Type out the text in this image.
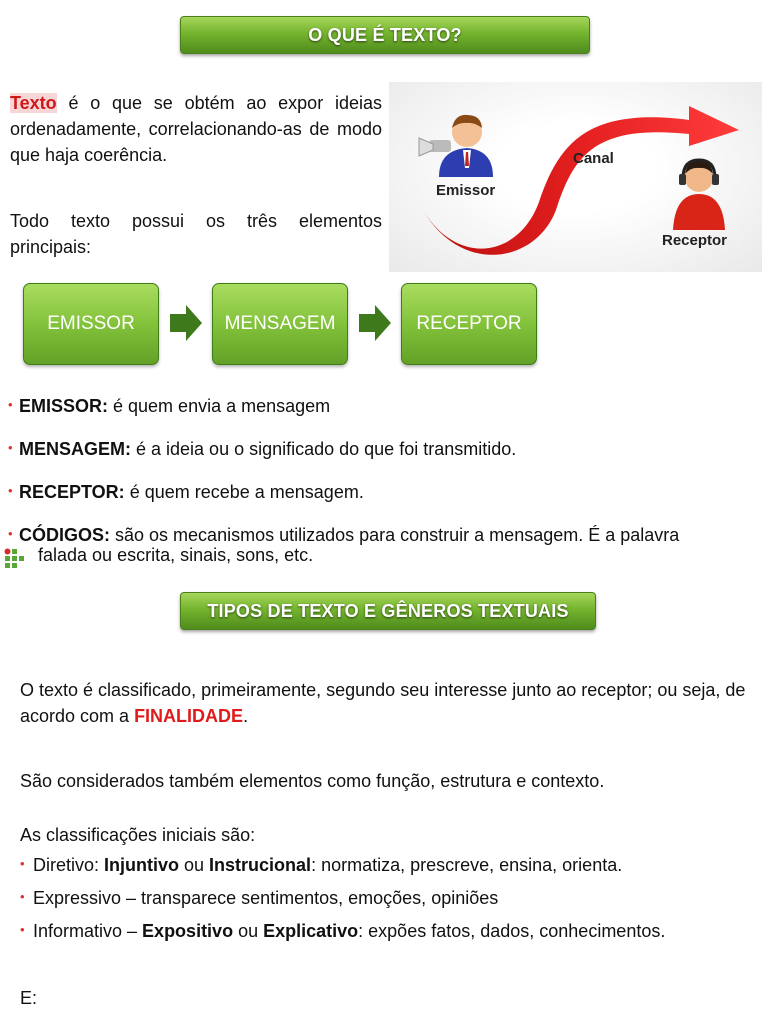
O QUE É TEXTO?
Texto é o que se obtém ao expor ideias ordenadamente, correlacionando-as de modo que haja coerência.
Todo texto possui os três elementos principais:
Emissor
Canal
Receptor
EMISSOR	MENSAGEM	RECEPTOR
• EMISSOR: é quem envia a mensagem
• MENSAGEM: é a ideia ou o significado do que foi transmitido.
• RECEPTOR: é quem recebe a mensagem.
• CÓDIGOS: são os mecanismos utilizados para construir a mensagem. É a palavra
falada ou escrita, sinais, sons, etc.
TIPOS DE TEXTO E GÊNEROS TEXTUAIS
O texto é classificado, primeiramente, segundo seu interesse junto ao receptor; ou seja, de acordo com a FINALIDADE.
São considerados também elementos como função, estrutura e contexto.
As classificações iniciais são:
• Diretivo: Injuntivo ou Instrucional: normatiza, prescreve, ensina, orienta.
• Expressivo – transparece sentimentos, emoções, opiniões
• Informativo – Expositivo ou Explicativo: expões fatos, dados, conhecimentos.
E:
